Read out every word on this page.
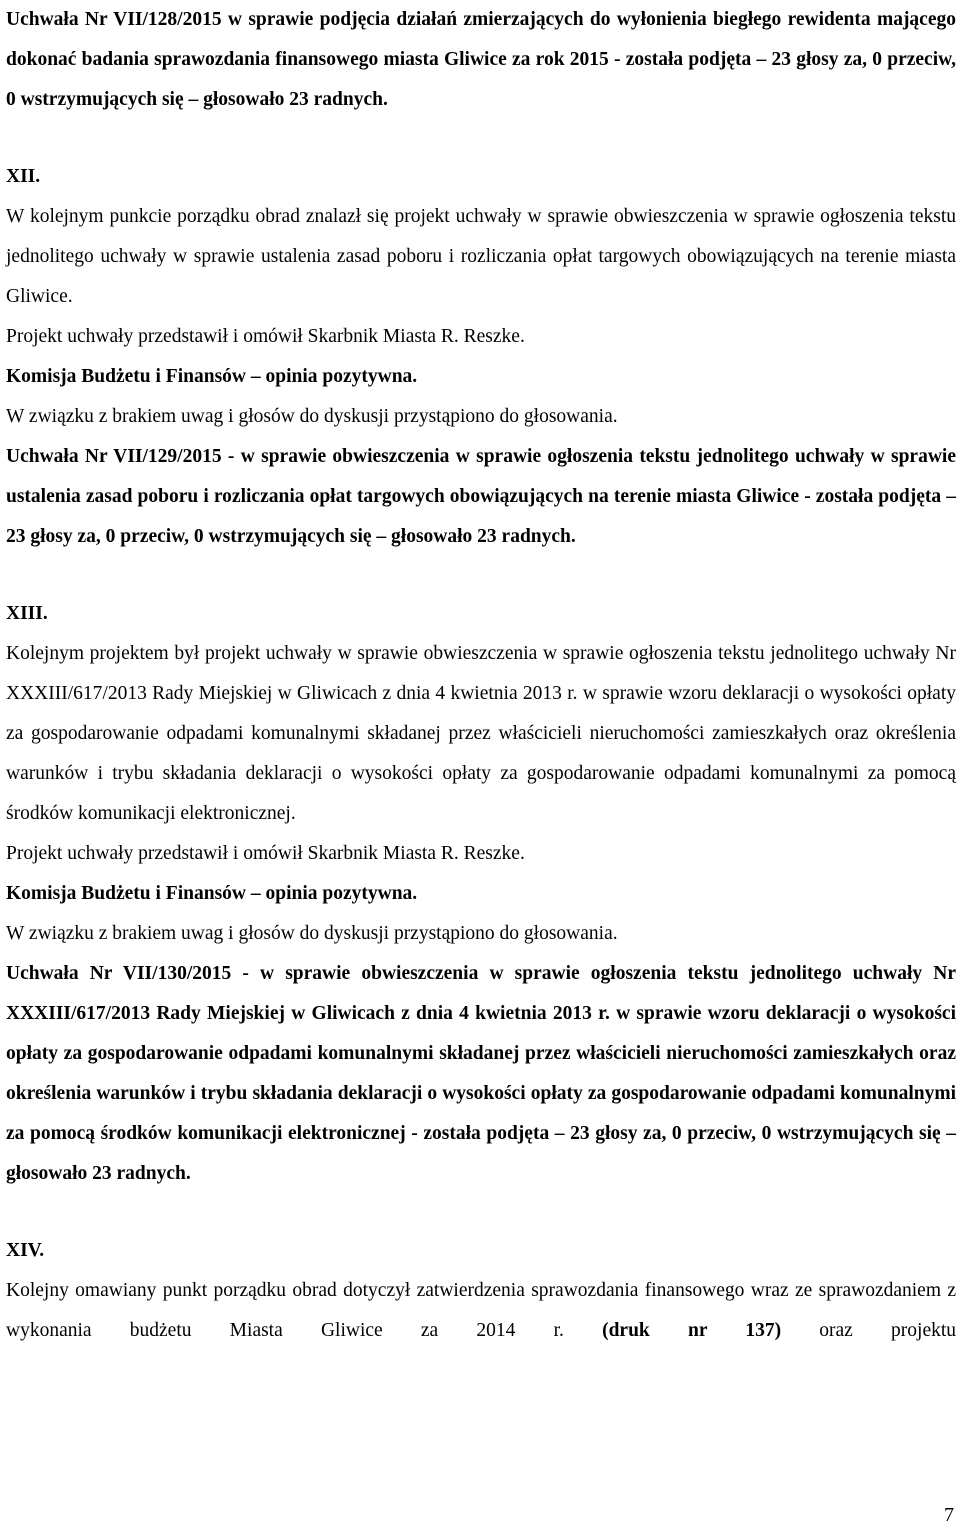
Uchwała Nr VII/128/2015 w sprawie podjęcia działań zmierzających do wyłonienia biegłego rewidenta mającego dokonać badania sprawozdania finansowego miasta Gliwice za rok 2015 - została podjęta – 23 głosy za, 0 przeciw, 0 wstrzymujących się – głosowało 23 radnych.

XII.

W kolejnym punkcie porządku obrad znalazł się projekt uchwały w sprawie obwieszczenia w sprawie ogłoszenia tekstu jednolitego uchwały w sprawie ustalenia zasad poboru i rozliczania opłat targowych obowiązujących na terenie miasta Gliwice.

Projekt uchwały przedstawił i omówił Skarbnik Miasta R. Reszke.

Komisja Budżetu i Finansów – opinia pozytywna.

W związku z brakiem uwag i głosów do dyskusji przystąpiono do głosowania.

Uchwała Nr VII/129/2015 - w sprawie obwieszczenia w sprawie ogłoszenia tekstu jednolitego uchwały w sprawie ustalenia zasad poboru i rozliczania opłat targowych obowiązujących na terenie miasta Gliwice - została podjęta – 23 głosy za, 0 przeciw, 0 wstrzymujących się – głosowało 23 radnych.

XIII.

Kolejnym projektem był projekt uchwały w sprawie obwieszczenia w sprawie ogłoszenia tekstu jednolitego uchwały Nr XXXIII/617/2013 Rady Miejskiej w Gliwicach z dnia 4 kwietnia 2013 r. w sprawie wzoru deklaracji o wysokości opłaty za gospodarowanie odpadami komunalnymi składanej przez właścicieli nieruchomości zamieszkałych oraz określenia warunków i trybu składania deklaracji o wysokości opłaty za gospodarowanie odpadami komunalnymi za pomocą środków komunikacji elektronicznej.

Projekt uchwały przedstawił i omówił Skarbnik Miasta R. Reszke.

Komisja Budżetu i Finansów – opinia pozytywna.

W związku z brakiem uwag i głosów do dyskusji przystąpiono do głosowania.

Uchwała Nr VII/130/2015 - w sprawie obwieszczenia w sprawie ogłoszenia tekstu jednolitego uchwały Nr XXXIII/617/2013 Rady Miejskiej w Gliwicach z dnia 4 kwietnia 2013 r. w sprawie wzoru deklaracji o wysokości opłaty za gospodarowanie odpadami komunalnymi składanej przez właścicieli nieruchomości zamieszkałych oraz określenia warunków i trybu składania deklaracji o wysokości opłaty za gospodarowanie odpadami komunalnymi za pomocą środków komunikacji elektronicznej - została podjęta – 23 głosy za, 0 przeciw, 0 wstrzymujących się – głosowało 23 radnych.

XIV.

Kolejny omawiany punkt porządku obrad dotyczył zatwierdzenia sprawozdania finansowego wraz ze sprawozdaniem z wykonania budżetu Miasta Gliwice za 2014 r. (druk nr 137) oraz projektu

7
